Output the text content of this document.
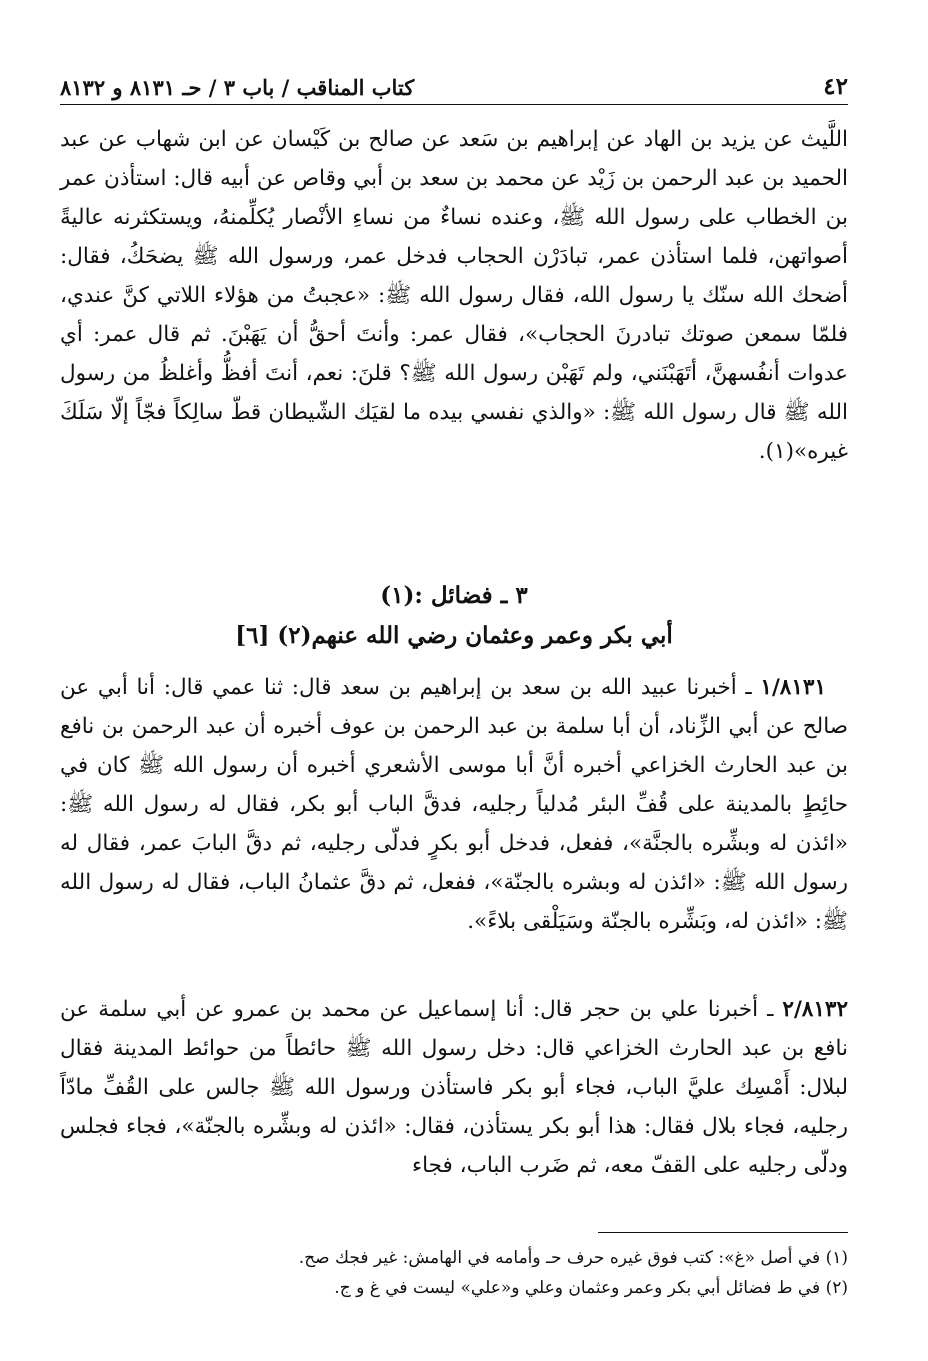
٤٢
كتاب المناقب / باب ٣ / حـ ٨١٣١ و ٨١٣٢
اللَّيث عن يزيد بن الهاد عن إبراهيم بن سَعد عن صالح بن كَيْسان عن ابن شهاب عن عبد الحميد بن عبد الرحمن بن زَيْد عن محمد بن سعد بن أبي وقاص عن أبيه قال: استأذن عمر بن الخطاب على رسول الله ﷺ، وعنده نساءٌ من نساءِ الأنْصار يُكلِّمنهُ، ويستكثرنه عاليةً أصواتهن، فلما استأذن عمر، تبادَرْن الحجاب فدخل عمر، ورسول الله ﷺ يضحَكُ، فقال: أضحك الله سنّك يا رسول الله، فقال رسول الله ﷺ: «عجبتُ من هؤلاء اللاتي كنَّ عندي، فلمّا سمعن صوتك تبادرنَ الحجاب»، فقال عمر: وأنتَ أحقُّ أن يَهَبْنَ. ثم قال عمر: أي عدوات أنفُسهنَّ، أتَهَبْنَني، ولم تَهَبْن رسول الله ﷺ؟ قلنَ: نعم، أنتَ أفظُّ وأغلظُ من رسول الله ﷺ قال رسول الله ﷺ: «والذي نفسي بيده ما لقيَك الشّيطان قطّ سالِكاً فجّاً إلّا سَلَكَ غيره»(١).
٣ ـ فضائل :(١)
أبي بكر وعمر وعثمان رضي الله عنهم(٢) [٦]
١/٨١٣١ ـ أخبرنا عبيد الله بن سعد بن إبراهيم بن سعد قال: ثنا عمي قال: أنا أبي عن صالح عن أبي الزِّناد، أن أبا سلمة بن عبد الرحمن بن عوف أخبره أن عبد الرحمن بن نافع بن عبد الحارث الخزاعي أخبره أنَّ أبا موسى الأشعري أخبره أن رسول الله ﷺ كان في حائِطٍ بالمدينة على قُفِّ البئر مُدلياً رجليه، فدقَّ الباب أبو بكر، فقال له رسول الله ﷺ: «ائذن له وبشِّره بالجنَّة»، ففعل، فدخل أبو بكرٍ فدلّى رجليه، ثم دقَّ البابَ عمر، فقال له رسول الله ﷺ: «ائذن له وبشره بالجنّة»، ففعل، ثم دقَّ عثمانُ الباب، فقال له رسول الله ﷺ: «ائذن له، وبَشِّره بالجنّة وسَيَلْقى بلاءً».
٢/٨١٣٢ ـ أخبرنا علي بن حجر قال: أنا إسماعيل عن محمد بن عمرو عن أبي سلمة عن نافع بن عبد الحارث الخزاعي قال: دخل رسول الله ﷺ حائطاً من حوائط المدينة فقال لبلال: أَمْسِك عليَّ الباب، فجاء أبو بكر فاستأذن ورسول الله ﷺ جالس على القُفِّ مادّاً رجليه، فجاء بلال فقال: هذا أبو بكر يستأذن، فقال: «ائذن له وبشِّره بالجنّة»، فجاء فجلس ودلّى رجليه على القفّ معه، ثم ضَرب الباب، فجاء
(١) في أصل «غ»: كتب فوق غيره حرف حـ وأمامه في الهامش: غير فجك صح.
(٢) في ط فضائل أبي بكر وعمر وعثمان وعلي و«علي» ليست في غ و ج.
